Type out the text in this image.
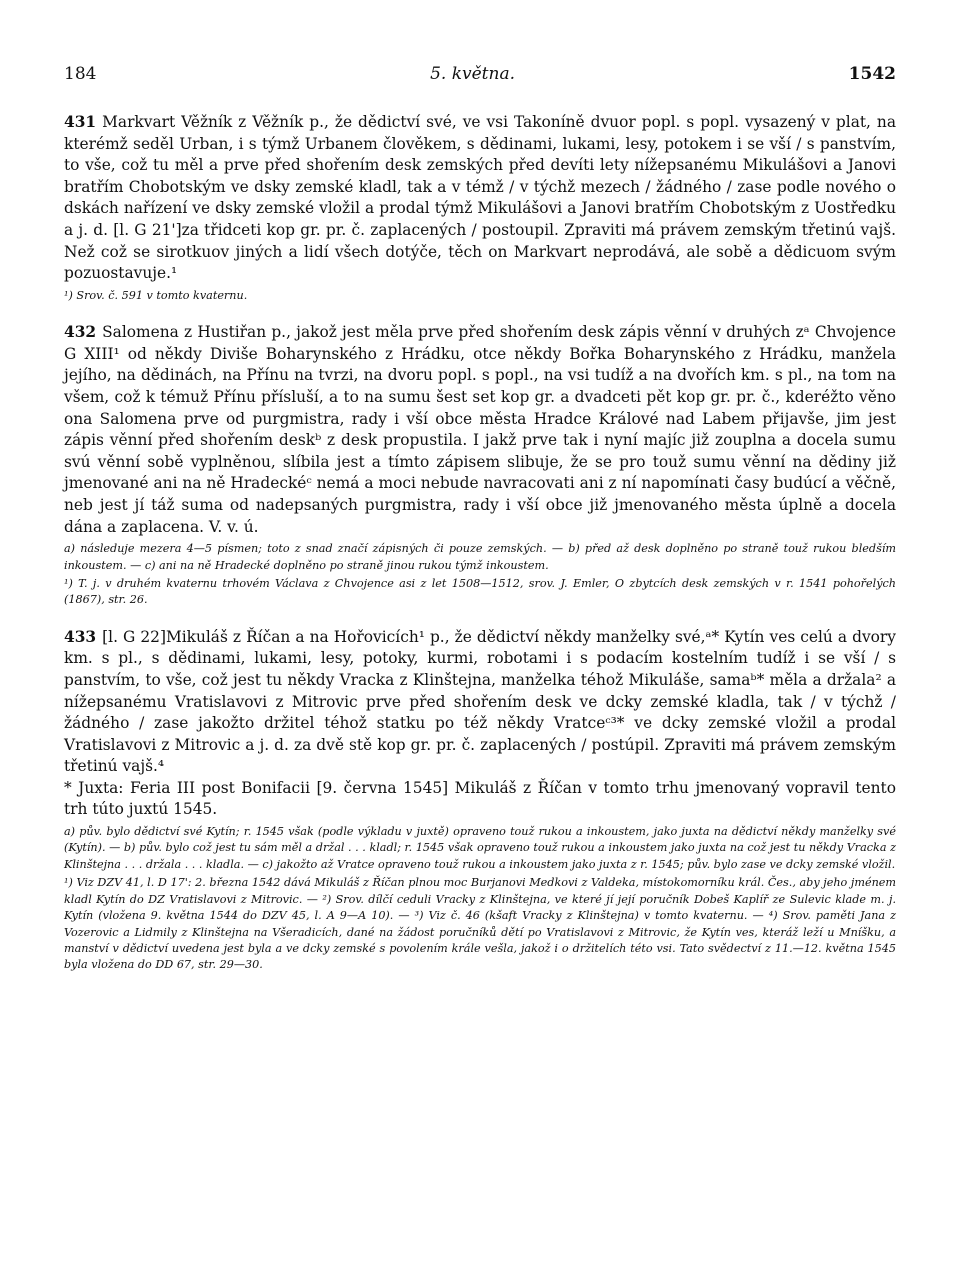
184	5. května.	1542

431 Markvart Věžník z Věžník p., že dědictví své, ve vsi Takoníně dvuor popl. s popl. vysazený v plat, na kterémž seděl Urban, i s týmž Urbanem člověkem, s dědinami, lukami, lesy, potokem i se vší / s panstvím, to vše, což tu měl a prve před shořením desk zemských před devíti lety nížepsanému Mikulášovi a Janovi bratřím Chobotským ve dsky zemské kladl, tak a v témž / v týchž mezech / žádného / zase podle nového o dskách nařízení ve dsky zemské vložil a prodal týmž Mikulášovi a Janovi bratřím Chobotským z Uostředku a j. d. [l. G 21']za třidceti kop gr. pr. č. zaplacených / postoupil. Zpraviti má právem zemským třetinú vajš. Než což se sirotkuov jiných a lidí všech dotýče, těch on Markvart neprodává, ale sobě a dědicuom svým pozuostavuje.¹

¹) Srov. č. 591 v tomto kvaternu.

432 Salomena z Hustiřan p., jakož jest měla prve před shořením desk zápis věnní v druhých zᵃ Chvojence G XIII¹ od někdy Diviše Boharynského z Hrádku, otce někdy Bořka Boharynského z Hrádku, manžela jejího, na dědinách, na Přínu na tvrzi, na dvoru popl. s popl., na vsi tudíž a na dvořích km. s pl., na tom na všem, což k témuž Přínu přísluší, a to na sumu šest set kop gr. a dvadceti pět kop gr. pr. č., kderéžto věno ona Salomena prve od purgmistra, rady i vší obce města Hradce Králové nad Labem přijavše, jim jest zápis věnní před shořením deskᵇ z desk propustila. I jakž prve tak i nyní majíc již zouplna a docela sumu svú věnní sobě vyplněnou, slíbila jest a tímto zápisem slibuje, že se pro touž sumu věnní na dědiny již jmenované ani na ně Hradeckéᶜ nemá a moci nebude navracovati ani z ní napomínati časy budúcí a věčně, neb jest jí táž suma od nadepsaných purgmistra, rady i vší obce již jmenovaného města úplně a docela dána a zaplacena. V. v. ú.

a) následuje mezera 4—5 písmen; toto z snad značí zápisných či pouze zemských. — b) před až desk doplněno po straně touž rukou bledším inkoustem. — c) ani na ně Hradecké doplněno po straně jinou rukou týmž inkoustem.

¹) T. j. v druhém kvaternu trhovém Václava z Chvojence asi z let 1508—1512, srov. J. Emler, O zbytcích desk zemských v r. 1541 pohořelých (1867), str. 26.

433 [l. G 22]Mikuláš z Říčan a na Hořovicích¹ p., že dědictví někdy manželky své,ᵃ* Kytín ves celú a dvory km. s pl., s dědinami, lukami, lesy, potoky, kurmi, robotami i s podacím kostelním tudíž i se vší / s panstvím, to vše, což jest tu někdy Vracka z Klinštejna, manželka téhož Mikuláše, samaᵇ* měla a držala² a nížepsanému Vratislavovi z Mitrovic prve před shořením desk ve dcky zemské kladla, tak / v týchž / žádného / zase jakožto držitel téhož statku po též někdy Vratceᶜ³* ve dcky zemské vložil a prodal Vratislavovi z Mitrovic a j. d. za dvě stě kop gr. pr. č. zaplacených / postúpil. Zpraviti má právem zemským třetinú vajš.⁴

* Juxta: Feria III post Bonifacii [9. června 1545] Mikuláš z Říčan v tomto trhu jmenovaný vopravil tento trh túto juxtú 1545.

a) pův. bylo dědictví své Kytín; r. 1545 však (podle výkladu v juxtě) opraveno touž rukou a inkoustem, jako juxta na dědictví někdy manželky své (Kytín). — b) pův. bylo což jest tu sám měl a držal . . . kladl; r. 1545 však opraveno touž rukou a inkoustem jako juxta na což jest tu někdy Vracka z Klinštejna . . . držala . . . kladla. — c) jakožto až Vratce opraveno touž rukou a inkoustem jako juxta z r. 1545; pův. bylo zase ve dcky zemské vložil.

¹) Viz DZV 41, l. D 17': 2. března 1542 dává Mikuláš z Říčan plnou moc Burjanovi Medkovi z Valdeka, místokomorníku král. Čes., aby jeho jménem kladl Kytín do DZ Vratislavovi z Mitrovic. — ²) Srov. dílčí ceduli Vracky z Klinštejna, ve které jí její poručník Dobeš Kaplíř ze Sulevic klade m. j. Kytín (vložena 9. května 1544 do DZV 45, l. A 9—A 10). — ³) Viz č. 46 (kšaft Vracky z Klinštejna) v tomto kvaternu. — ⁴) Srov. paměti Jana z Vozerovic a Lidmily z Klinštejna na Všeradicích, dané na žádost poručníků dětí po Vratislavovi z Mitrovic, že Kytín ves, kteráž leží u Mníšku, a manství v dědictví uvedena jest byla a ve dcky zemské s povolením krále vešla, jakož i o držitelích této vsi. Tato svědectví z 11.—12. května 1545 byla vložena do DD 67, str. 29—30.
